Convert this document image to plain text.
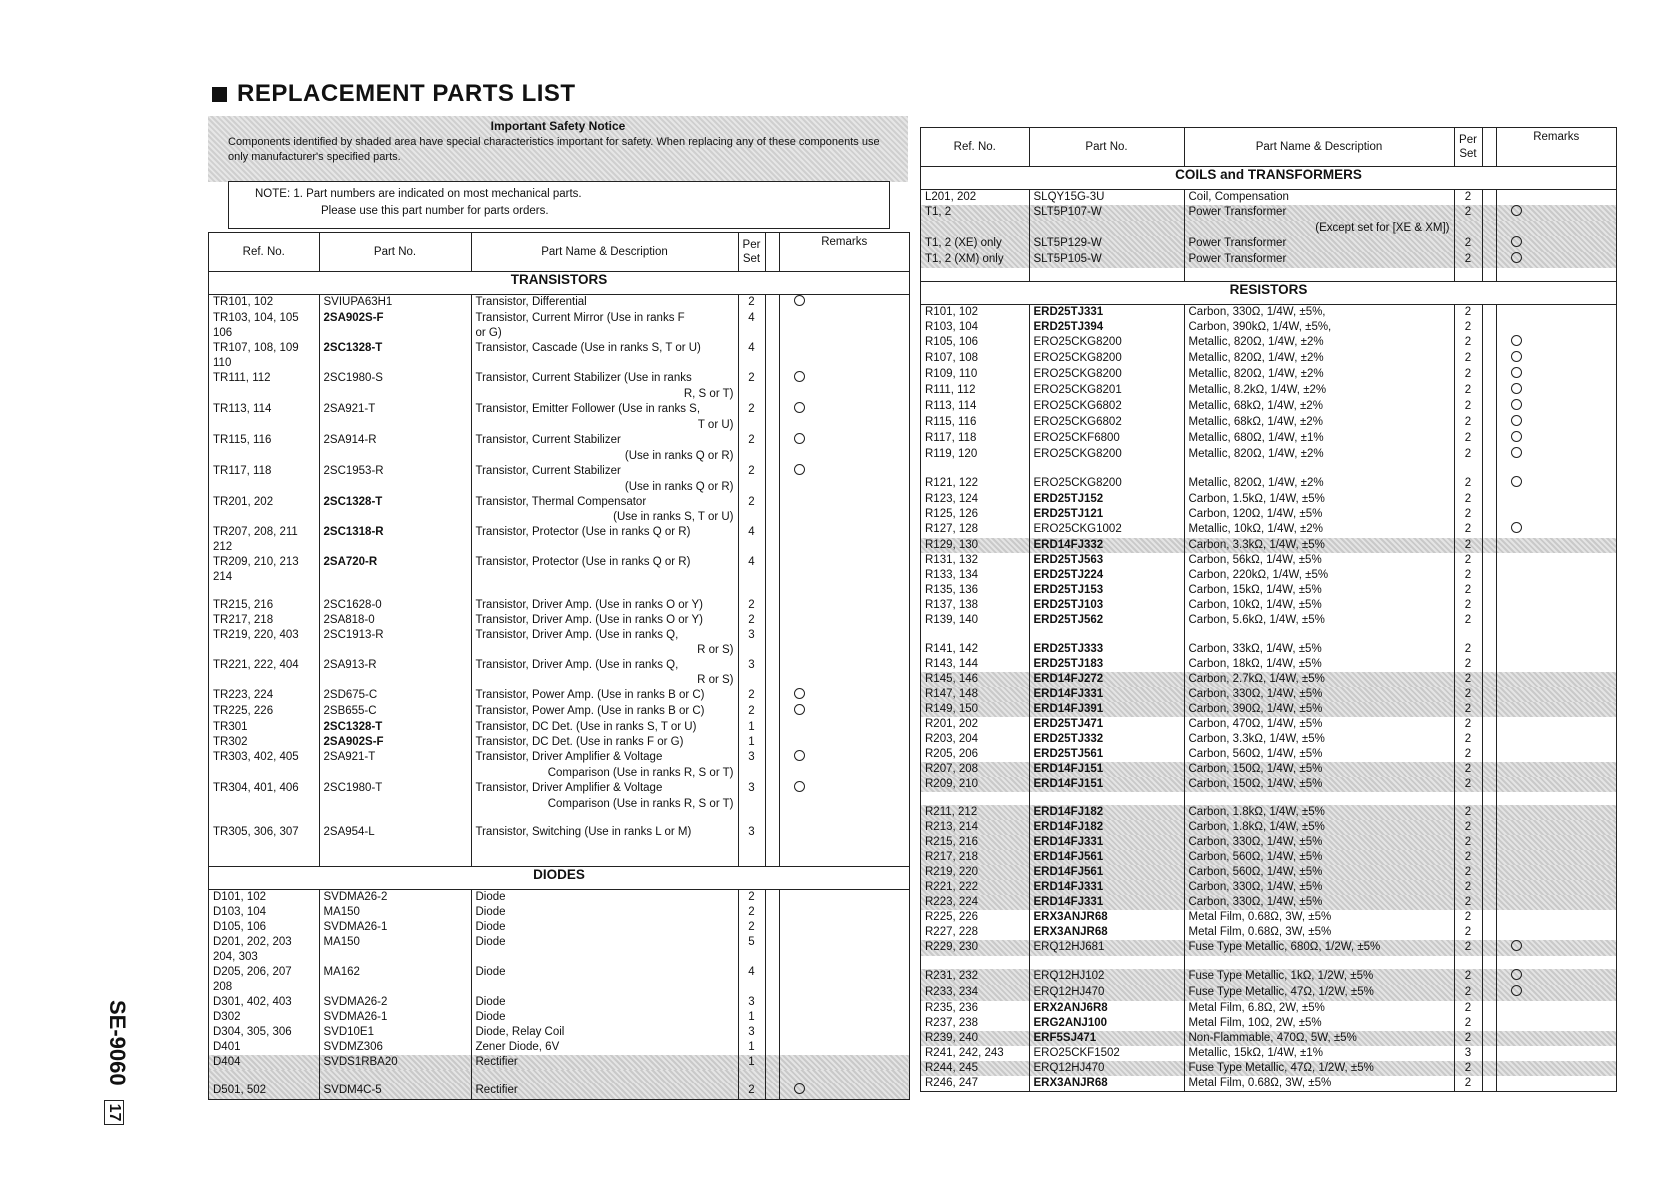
REPLACEMENT PARTS LIST
Important Safety Notice
Components identified by shaded area have special characteristics important for safety. When replacing any of these components use only manufacturer's specified parts.
NOTE: 1. Part numbers are indicated on most mechanical parts.
Please use this part number for parts orders.
Ref. No.	Part No.	Part Name & Description	Per Set		Remarks
TRANSISTORS					
TR101, 102	SVIUPA63H1	Transistor, Differential	2		
TR103, 104, 105	2SA902S-F	Transistor, Current Mirror (Use in ranks F	4		
106		or G)			
TR107, 108, 109	2SC1328-T	Transistor, Cascade (Use in ranks S, T or U)	4		
110					
TR111, 112	2SC1980-S	Transistor, Current Stabilizer (Use in ranks	2		
		R, S or T)			
TR113, 114	2SA921-T	Transistor, Emitter Follower (Use in ranks S,	2		
		T or U)			
TR115, 116	2SA914-R	Transistor, Current Stabilizer	2		
		(Use in ranks Q or R)			
TR117, 118	2SC1953-R	Transistor, Current Stabilizer	2		
		(Use in ranks Q or R)			
TR201, 202	2SC1328-T	Transistor, Thermal Compensator	2		
		(Use in ranks S, T or U)			
TR207, 208, 211	2SC1318-R	Transistor, Protector (Use in ranks Q or R)	4		
212					
TR209, 210, 213	2SA720-R	Transistor, Protector (Use in ranks Q or R)	4		
214					

TR215, 216	2SC1628-0	Transistor, Driver Amp. (Use in ranks O or Y)	2		
TR217, 218	2SA818-0	Transistor, Driver Amp. (Use in ranks O or Y)	2		
TR219, 220, 403	2SC1913-R	Transistor, Driver Amp. (Use in ranks Q,	3		
		R or S)			
TR221, 222, 404	2SA913-R	Transistor, Driver Amp. (Use in ranks Q,	3		
		R or S)			
TR223, 224	2SD675-C	Transistor, Power Amp. (Use in ranks B or C)	2		
TR225, 226	2SB655-C	Transistor, Power Amp. (Use in ranks B or C)	2		
TR301	2SC1328-T	Transistor, DC Det. (Use in ranks S, T or U)	1		
TR302	2SA902S-F	Transistor, DC Det. (Use in ranks F or G)	1		
TR303, 402, 405	2SA921-T	Transistor, Driver Amplifier & Voltage	3		
		Comparison (Use in ranks R, S or T)			
TR304, 401, 406	2SC1980-T	Transistor, Driver Amplifier & Voltage	3		
		Comparison (Use in ranks R, S or T)			

TR305, 306, 307	2SA954-L	Transistor, Switching (Use in ranks L or M)	3		

DIODES					
D101, 102	SVDMA26-2	Diode	2		
D103, 104	MA150	Diode	2		
D105, 106	SVDMA26-1	Diode	2		
D201, 202, 203	MA150	Diode	5		
204, 303					
D205, 206, 207	MA162	Diode	4		
208					
D301, 402, 403	SVDMA26-2	Diode	3		
D302	SVDMA26-1	Diode	1		
D304, 305, 306	SVD10E1	Diode, Relay Coil	3		
D401	SVDMZ306	Zener Diode, 6V	1		
D404	SVDS1RBA20	Rectifier	1		

D501, 502	SVDM4C-5	Rectifier	2		
Ref. No.	Part No.	Part Name & Description	Per Set		Remarks
COILS and TRANSFORMERS					
L201, 202	SLQY15G-3U	Coil, Compensation	2		
T1, 2	SLT5P107-W	Power Transformer	2		
		(Except set for [XE & XM])			
T1, 2 (XE) only	SLT5P129-W	Power Transformer	2		
T1, 2 (XM) only	SLT5P105-W	Power Transformer	2		

RESISTORS					
R101, 102	ERD25TJ331	Carbon, 330Ω, 1/4W, ±5%,	2		
R103, 104	ERD25TJ394	Carbon, 390kΩ, 1/4W, ±5%,	2		
R105, 106	ERO25CKG8200	Metallic, 820Ω, 1/4W, ±2%	2		
R107, 108	ERO25CKG8200	Metallic, 820Ω, 1/4W, ±2%	2		
R109, 110	ERO25CKG8200	Metallic, 820Ω, 1/4W, ±2%	2		
R111, 112	ERO25CKG8201	Metallic, 8.2kΩ, 1/4W, ±2%	2		
R113, 114	ERO25CKG6802	Metallic, 68kΩ, 1/4W, ±2%	2		
R115, 116	ERO25CKG6802	Metallic, 68kΩ, 1/4W, ±2%	2		
R117, 118	ERO25CKF6800	Metallic, 680Ω, 1/4W, ±1%	2		
R119, 120	ERO25CKG8200	Metallic, 820Ω, 1/4W, ±2%	2		

R121, 122	ERO25CKG8200	Metallic, 820Ω, 1/4W, ±2%	2		
R123, 124	ERD25TJ152	Carbon, 1.5kΩ, 1/4W, ±5%	2		
R125, 126	ERD25TJ121	Carbon, 120Ω, 1/4W, ±5%	2		
R127, 128	ERO25CKG1002	Metallic, 10kΩ, 1/4W, ±2%	2		
R129, 130	ERD14FJ332	Carbon, 3.3kΩ, 1/4W, ±5%	2		
R131, 132	ERD25TJ563	Carbon, 56kΩ, 1/4W, ±5%	2		
R133, 134	ERD25TJ224	Carbon, 220kΩ, 1/4W, ±5%	2		
R135, 136	ERD25TJ153	Carbon, 15kΩ, 1/4W, ±5%	2		
R137, 138	ERD25TJ103	Carbon, 10kΩ, 1/4W, ±5%	2		
R139, 140	ERD25TJ562	Carbon, 5.6kΩ, 1/4W, ±5%	2		

R141, 142	ERD25TJ333	Carbon, 33kΩ, 1/4W, ±5%	2		
R143, 144	ERD25TJ183	Carbon, 18kΩ, 1/4W, ±5%	2		
R145, 146	ERD14FJ272	Carbon, 2.7kΩ, 1/4W, ±5%	2		
R147, 148	ERD14FJ331	Carbon, 330Ω, 1/4W, ±5%	2		
R149, 150	ERD14FJ391	Carbon, 390Ω, 1/4W, ±5%	2		
R201, 202	ERD25TJ471	Carbon, 470Ω, 1/4W, ±5%	2		
R203, 204	ERD25TJ332	Carbon, 3.3kΩ, 1/4W, ±5%	2		
R205, 206	ERD25TJ561	Carbon, 560Ω, 1/4W, ±5%	2		
R207, 208	ERD14FJ151	Carbon, 150Ω, 1/4W, ±5%	2		
R209, 210	ERD14FJ151	Carbon, 150Ω, 1/4W, ±5%	2		

R211, 212	ERD14FJ182	Carbon, 1.8kΩ, 1/4W, ±5%	2		
R213, 214	ERD14FJ182	Carbon, 1.8kΩ, 1/4W, ±5%	2		
R215, 216	ERD14FJ331	Carbon, 330Ω, 1/4W, ±5%	2		
R217, 218	ERD14FJ561	Carbon, 560Ω, 1/4W, ±5%	2		
R219, 220	ERD14FJ561	Carbon, 560Ω, 1/4W, ±5%	2		
R221, 222	ERD14FJ331	Carbon, 330Ω, 1/4W, ±5%	2		
R223, 224	ERD14FJ331	Carbon, 330Ω, 1/4W, ±5%	2		
R225, 226	ERX3ANJR68	Metal Film, 0.68Ω, 3W, ±5%	2		
R227, 228	ERX3ANJR68	Metal Film, 0.68Ω, 3W, ±5%	2		
R229, 230	ERQ12HJ681	Fuse Type Metallic, 680Ω, 1/2W, ±5%	2		

R231, 232	ERQ12HJ102	Fuse Type Metallic, 1kΩ, 1/2W, ±5%	2		
R233, 234	ERQ12HJ470	Fuse Type Metallic, 47Ω, 1/2W, ±5%	2		
R235, 236	ERX2ANJ6R8	Metal Film, 6.8Ω, 2W, ±5%	2		
R237, 238	ERG2ANJ100	Metal Film, 10Ω, 2W, ±5%	2		
R239, 240	ERF5SJ471	Non-Flammable, 470Ω, 5W, ±5%	2		
R241, 242, 243	ERO25CKF1502	Metallic, 15kΩ, 1/4W, ±1%	3		
R244, 245	ERQ12HJ470	Fuse Type Metallic, 47Ω, 1/2W, ±5%	2		
R246, 247	ERX3ANJR68	Metal Film, 0.68Ω, 3W, ±5%	2		
SE-906017
